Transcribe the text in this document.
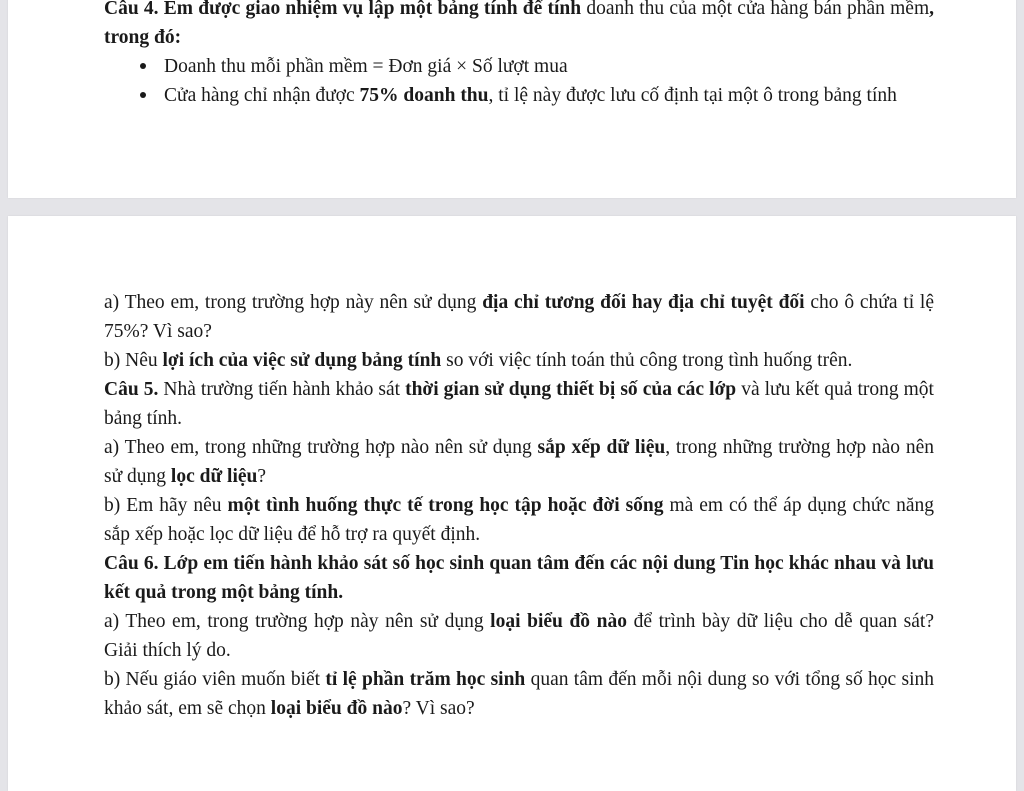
Câu 4. Em được giao nhiệm vụ lập một bảng tính để tính doanh thu của một cửa hàng bán phần mềm, trong đó:

Doanh thu mỗi phần mềm = Đơn giá × Số lượt mua
Cửa hàng chỉ nhận được 75% doanh thu, tỉ lệ này được lưu cố định tại một ô trong bảng tính

a) Theo em, trong trường hợp này nên sử dụng địa chỉ tương đối hay địa chỉ tuyệt đối cho ô chứa tỉ lệ 75%? Vì sao?

b) Nêu lợi ích của việc sử dụng bảng tính so với việc tính toán thủ công trong tình huống trên.

Câu 5. Nhà trường tiến hành khảo sát thời gian sử dụng thiết bị số của các lớp và lưu kết quả trong một bảng tính.

a) Theo em, trong những trường hợp nào nên sử dụng sắp xếp dữ liệu, trong những trường hợp nào nên sử dụng lọc dữ liệu?

b) Em hãy nêu một tình huống thực tế trong học tập hoặc đời sống mà em có thể áp dụng chức năng sắp xếp hoặc lọc dữ liệu để hỗ trợ ra quyết định.

Câu 6. Lớp em tiến hành khảo sát số học sinh quan tâm đến các nội dung Tin học khác nhau và lưu kết quả trong một bảng tính.

a) Theo em, trong trường hợp này nên sử dụng loại biểu đồ nào để trình bày dữ liệu cho dễ quan sát? Giải thích lý do.

b) Nếu giáo viên muốn biết tỉ lệ phần trăm học sinh quan tâm đến mỗi nội dung so với tổng số học sinh khảo sát, em sẽ chọn loại biểu đồ nào? Vì sao?
